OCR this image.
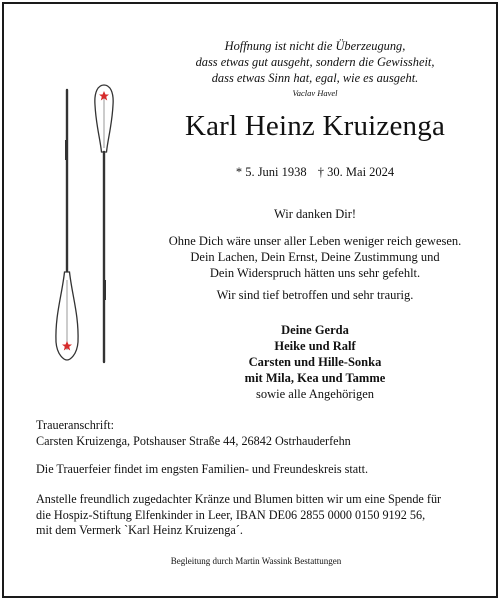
Hoffnung ist nicht die Überzeugung,
dass etwas gut ausgeht, sondern die Gewissheit,
dass etwas Sinn hat, egal, wie es ausgeht.
Vaclav Havel
Karl Heinz Kruizenga
* 5. Juni 1938 † 30. Mai 2024
Wir danken Dir!
Ohne Dich wäre unser aller Leben weniger reich gewesen.
Dein Lachen, Dein Ernst, Deine Zustimmung und
Dein Widerspruch hätten uns sehr gefehlt.
Wir sind tief betroffen und sehr traurig.
Deine Gerda
Heike und Ralf
Carsten und Hille-Sonka
mit Mila, Kea und Tamme
sowie alle Angehörigen
Traueranschrift:
Carsten Kruizenga, Potshauser Straße 44, 26842 Ostrhauderfehn
Die Trauerfeier findet im engsten Familien- und Freundeskreis statt.
Anstelle freundlich zugedachter Kränze und Blumen bitten wir um eine Spende für
die Hospiz-Stiftung Elfenkinder in Leer, IBAN DE06 2855 0000 0150 9192 56,
mit dem Vermerk `Karl Heinz Kruizenga´.
Begleitung durch Martin Wassink Bestattungen
